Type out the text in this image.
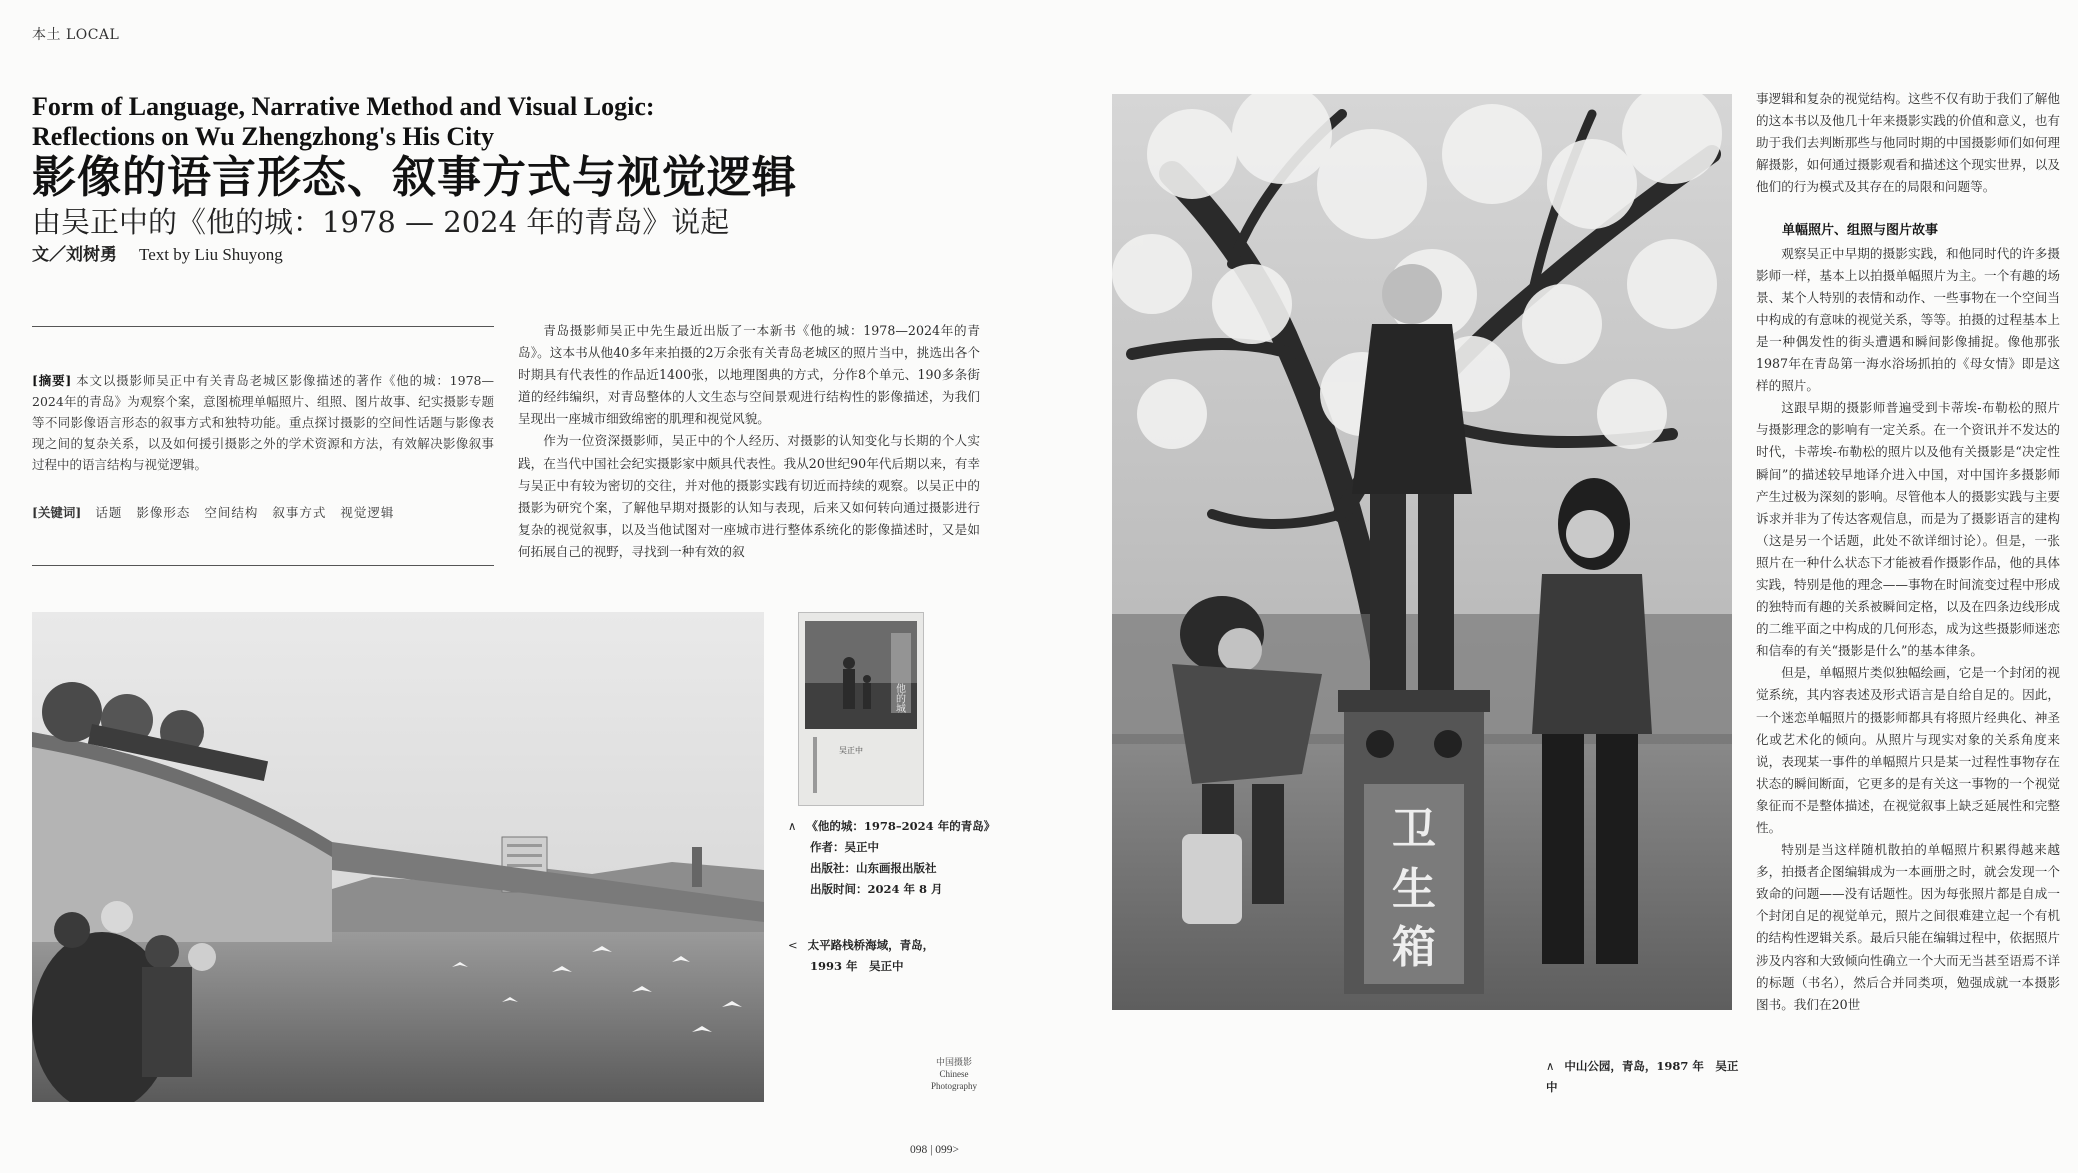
本土 LOCAL
Form of Language, Narrative Method and Visual Logic:
Reflections on Wu Zhengzhong's His City
影像的语言形态、叙事方式与视觉逻辑
由吴正中的《他的城：1978 — 2024 年的青岛》说起
文／刘树勇 Text by Liu Shuyong
[摘要] 本文以摄影师吴正中有关青岛老城区影像描述的著作《他的城：1978—2024年的青岛》为观察个案，意图梳理单幅照片、组照、图片故事、纪实摄影专题等不同影像语言形态的叙事方式和独特功能。重点探讨摄影的空间性话题与影像表现之间的复杂关系，以及如何援引摄影之外的学术资源和方法，有效解决影像叙事过程中的语言结构与视觉逻辑。
[关键词] 话题 影像形态 空间结构 叙事方式 视觉逻辑

青岛摄影师吴正中先生最近出版了一本新书《他的城：1978—2024年的青岛》。这本书从他40多年来拍摄的2万余张有关青岛老城区的照片当中，挑选出各个时期具有代表性的作品近1400张，以地理图典的方式，分作8个单元、190多条街道的经纬编织，对青岛整体的人文生态与空间景观进行结构性的影像描述，为我们呈现出一座城市细致绵密的肌理和视觉风貌。

作为一位资深摄影师，吴正中的个人经历、对摄影的认知变化与长期的个人实践，在当代中国社会纪实摄影家中颇具代表性。我从20世纪90年代后期以来，有幸与吴正中有较为密切的交往，并对他的摄影实践有切近而持续的观察。以吴正中的摄影为研究个案，了解他早期对摄影的认知与表现，后来又如何转向通过摄影进行复杂的视觉叙事，以及当他试图对一座城市进行整体系统化的影像描述时，又是如何拓展自己的视野，寻找到一种有效的叙

他的城
吴正中
∧ 《他的城：1978–2024 年的青岛》
作者：吴正中
出版社：山东画报出版社
出版时间：2024 年 8 月
< 太平路栈桥海域，青岛，
1993 年　吴正中
中国摄影
Chinese
Photography
卫
生
箱
∧ 中山公园，青岛，1987 年　吴正中

事逻辑和复杂的视觉结构。这些不仅有助于我们了解他的这本书以及他几十年来摄影实践的价值和意义，也有助于我们去判断那些与他同时期的中国摄影师们如何理解摄影，如何通过摄影观看和描述这个现实世界，以及他们的行为模式及其存在的局限和问题等。

单幅照片、组照与图片故事

观察吴正中早期的摄影实践，和他同时代的许多摄影师一样，基本上以拍摄单幅照片为主。一个有趣的场景、某个人特别的表情和动作、一些事物在一个空间当中构成的有意味的视觉关系，等等。拍摄的过程基本上是一种偶发性的街头遭遇和瞬间影像捕捉。像他那张1987年在青岛第一海水浴场抓拍的《母女情》即是这样的照片。

这跟早期的摄影师普遍受到卡蒂埃-布勒松的照片与摄影理念的影响有一定关系。在一个资讯并不发达的时代，卡蒂埃-布勒松的照片以及他有关摄影是“决定性瞬间”的描述较早地译介进入中国，对中国许多摄影师产生过极为深刻的影响。尽管他本人的摄影实践与主要诉求并非为了传达客观信息，而是为了摄影语言的建构（这是另一个话题，此处不欲详细讨论）。但是，一张照片在一种什么状态下才能被看作摄影作品，他的具体实践，特别是他的理念——事物在时间流变过程中形成的独特而有趣的关系被瞬间定格，以及在四条边线形成的二维平面之中构成的几何形态，成为这些摄影师迷恋和信奉的有关“摄影是什么”的基本律条。

但是，单幅照片类似独幅绘画，它是一个封闭的视觉系统，其内容表述及形式语言是自给自足的。因此，一个迷恋单幅照片的摄影师都具有将照片经典化、神圣化或艺术化的倾向。从照片与现实对象的关系角度来说，表现某一事件的单幅照片只是某一过程性事物存在状态的瞬间断面，它更多的是有关这一事物的一个视觉象征而不是整体描述，在视觉叙事上缺乏延展性和完整性。

特别是当这样随机散拍的单幅照片积累得越来越多，拍摄者企图编辑成为一本画册之时，就会发现一个致命的问题——没有话题性。因为每张照片都是自成一个封闭自足的视觉单元，照片之间很难建立起一个有机的结构性逻辑关系。最后只能在编辑过程中，依据照片涉及内容和大致倾向性确立一个大而无当甚至语焉不详的标题（书名），然后合并同类项，勉强成就一本摄影图书。我们在20世

098 | 099>
